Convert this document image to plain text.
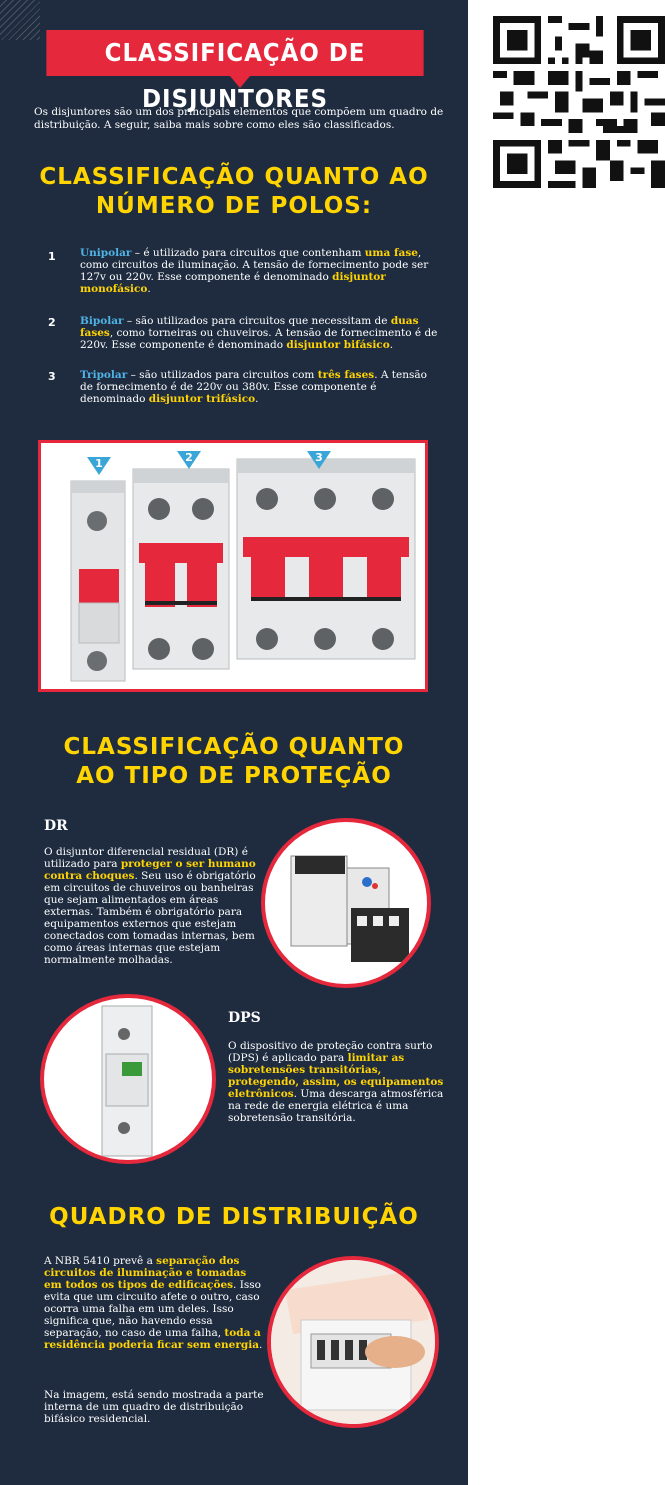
CLASSIFICAÇÃO DE DISJUNTORES
Os disjuntores são um dos principais elementos que compõem um quadro de distribuição. A seguir, saiba mais sobre como eles são classificados.
CLASSIFICAÇÃO QUANTO AO
NÚMERO DE POLOS:
1	Unipolar – é utilizado para circuitos que contenham uma fase, como circuitos de iluminação. A tensão de fornecimento pode ser 127v ou 220v. Esse componente é denominado disjuntor monofásico.
2	Bipolar – são utilizados para circuitos que necessitam de duas fases, como torneiras ou chuveiros. A tensão de fornecimento é de 220v. Esse componente é denominado disjuntor bifásico.
3	Tripolar – são utilizados para circuitos com três fases. A tensão de fornecimento é de 220v ou 380v. Esse componente é denominado disjuntor trifásico.
1	2	3
CLASSIFICAÇÃO QUANTO
AO TIPO DE PROTEÇÃO
DR
O disjuntor diferencial residual (DR) é utilizado para proteger o ser humano contra choques. Seu uso é obrigatório em circuitos de chuveiros ou banheiras que sejam alimentados em áreas externas. Também é obrigatório para equipamentos externos que estejam conectados com tomadas internas, bem como áreas internas que estejam normalmente molhadas.
DPS
O dispositivo de proteção contra surto (DPS) é aplicado para limitar as sobretensões transitórias, protegendo, assim, os equipamentos eletrônicos. Uma descarga atmosférica na rede de energia elétrica é uma sobretensão transitória.
QUADRO DE DISTRIBUIÇÃO
A NBR 5410 prevê a separação dos circuitos de iluminação e tomadas em todos os tipos de edificações. Isso evita que um circuito afete o outro, caso ocorra uma falha em um deles. Isso significa que, não havendo essa separação, no caso de uma falha, toda a residência poderia ficar sem energia.
Na imagem, está sendo mostrada a parte interna de um quadro de distribuição bifásico residencial.
